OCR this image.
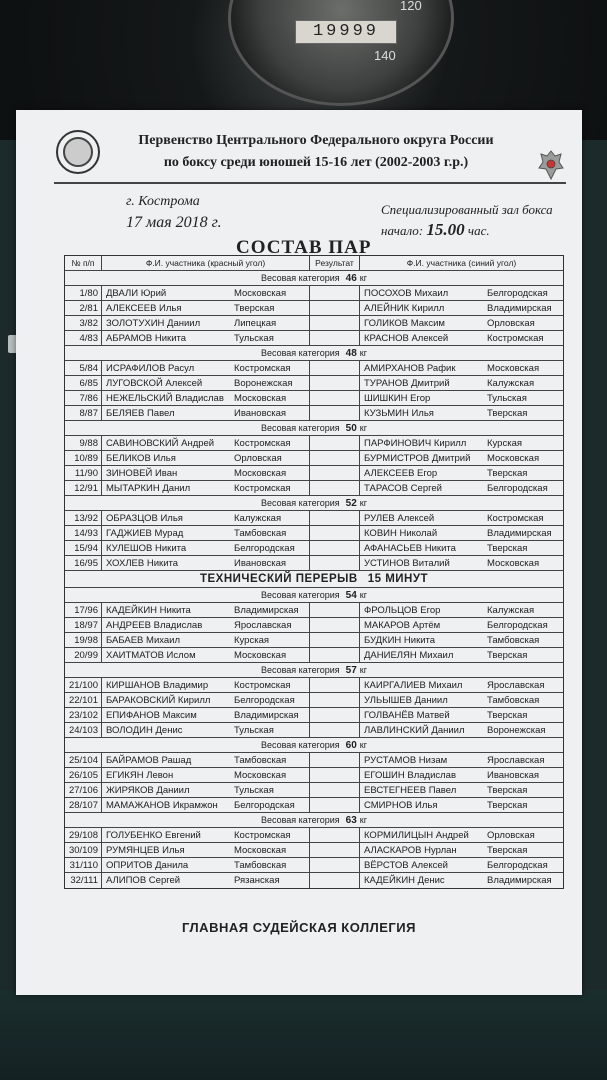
19999
120
140
Первенство Центрального Федерального округа России
по боксу среди юношей 15-16 лет (2002-2003 г.р.)
г. Кострома
17 мая 2018 г.
Специализированный зал бокса
начало: 15.00 час.
СОСТАВ ПАР
№ п/п	Ф.И. участника (красный угол)	Результат	Ф.И. участника (синий угол)
Весовая категория 46 кг
1/80 ДВАЛИ Юрий	Московская	ПОСОХОВ Михаил	Белгородская
2/81 АЛЕКСЕЕВ Илья	Тверская	АЛЕЙНИК Кирилл	Владимирская
3/82 ЗОЛОТУХИН Даниил	Липецкая	ГОЛИКОВ Максим	Орловская
4/83 АБРАМОВ Никита	Тульская	КРАСНОВ Алексей	Костромская
Весовая категория 48 кг
5/84 ИСРАФИЛОВ Расул	Костромская	АМИРХАНОВ Рафик	Московская
6/85 ЛУГОВСКОЙ Алексей	Воронежская	ТУРАНОВ Дмитрий	Калужская
7/86 НЕЖЕЛЬСКИЙ Владислав	Московская	ШИШКИН Егор	Тульская
8/87 БЕЛЯЕВ Павел	Ивановская	КУЗЬМИН Илья	Тверская
Весовая категория 50 кг
9/88 САВИНОВСКИЙ Андрей	Костромская	ПАРФИНОВИЧ Кирилл	Курская
10/89 БЕЛИКОВ Илья	Орловская	БУРМИСТРОВ Дмитрий	Московская
11/90 ЗИНОВЕЙ Иван	Московская	АЛЕКСЕЕВ Егор	Тверская
12/91 МЫТАРКИН Данил	Костромская	ТАРАСОВ Сергей	Белгородская
Весовая категория 52 кг
13/92 ОБРАЗЦОВ Илья	Калужская	РУЛЕВ Алексей	Костромская
14/93 ГАДЖИЕВ Мурад	Тамбовская	КОВИН Николай	Владимирская
15/94 КУЛЕШОВ Никита	Белгородская	АФАНАСЬЕВ Никита	Тверская
16/95 ХОХЛЕВ Никита	Ивановская	УСТИНОВ Виталий	Московская
ТЕХНИЧЕСКИЙ ПЕРЕРЫВ 15 МИНУТ
Весовая категория 54 кг
17/96 КАДЕЙКИН Никита	Владимирская	ФРОЛЬЦОВ Егор	Калужская
18/97 АНДРЕЕВ Владислав	Ярославская	МАКАРОВ Артём	Белгородская
19/98 БАБАЕВ Михаил	Курская	БУДКИН Никита	Тамбовская
20/99 ХАИТМАТОВ Ислом	Московская	ДАНИЕЛЯН Михаил	Тверская
Весовая категория 57 кг
21/100 КИРШАНОВ Владимир	Костромская	КАИРГАЛИЕВ Михаил	Ярославская
22/101 БАРАКОВСКИЙ Кирилл	Белгородская	УЛЬЫШЕВ Даниил	Тамбовская
23/102 ЕПИФАНОВ Максим	Владимирская	ГОЛВАНЁВ Матвей	Тверская
24/103 ВОЛОДИН Денис	Тульская	ЛАВЛИНСКИЙ Даниил	Воронежская
Весовая категория 60 кг
25/104 БАЙРАМОВ Рашад	Тамбовская	РУСТАМОВ Низам	Ярославская
26/105 ЕГИКЯН Левон	Московская	ЕГОШИН Владислав	Ивановская
27/106 ЖИРЯКОВ Даниил	Тульская	ЕВСТЕГНЕЕВ Павел	Тверская
28/107 МАМАЖАНОВ Икрамжон	Белгородская	СМИРНОВ Илья	Тверская
Весовая категория 63 кг
29/108 ГОЛУБЕНКО Евгений	Костромская	КОРМИЛИЦЫН Андрей	Орловская
30/109 РУМЯНЦЕВ Илья	Московская	АЛАСКАРОВ Нурлан	Тверская
31/110 ОПРИТОВ Данила	Тамбовская	ВЁРСТОВ Алексей	Белгородская
32/111 АЛИПОВ Сергей	Рязанская	КАДЕЙКИН Денис	Владимирская
ГЛАВНАЯ СУДЕЙСКАЯ КОЛЛЕГИЯ
